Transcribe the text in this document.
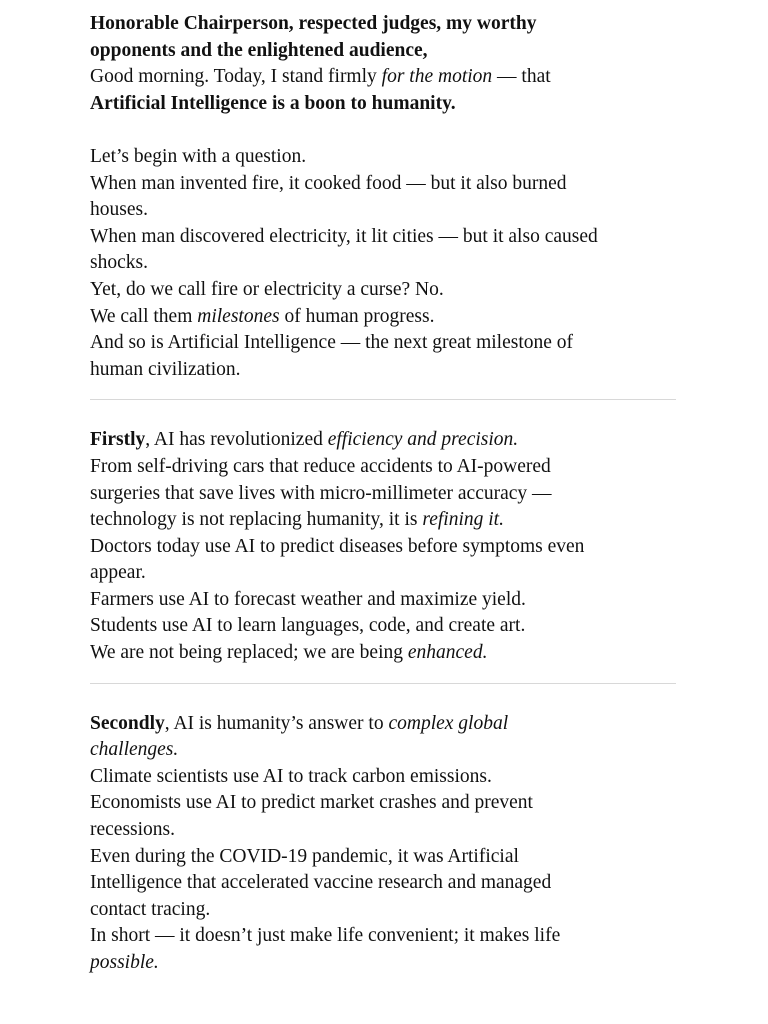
Honorable Chairperson, respected judges, my worthy

opponents and the enlightened audience,

Good morning. Today, I stand firmly for the motion — that

Artificial Intelligence is a boon to humanity.

Let’s begin with a question.

When man invented fire, it cooked food — but it also burned

houses.

When man discovered electricity, it lit cities — but it also caused

shocks.

Yet, do we call fire or electricity a curse? No.

We call them milestones of human progress.

And so is Artificial Intelligence — the next great milestone of

human civilization.

Firstly, AI has revolutionized efficiency and precision.

From self-driving cars that reduce accidents to AI-powered

surgeries that save lives with micro-millimeter accuracy —

technology is not replacing humanity, it is refining it.

Doctors today use AI to predict diseases before symptoms even

appear.

Farmers use AI to forecast weather and maximize yield.

Students use AI to learn languages, code, and create art.

We are not being replaced; we are being enhanced.

Secondly, AI is humanity’s answer to complex global

challenges.

Climate scientists use AI to track carbon emissions.

Economists use AI to predict market crashes and prevent

recessions.

Even during the COVID-19 pandemic, it was Artificial

Intelligence that accelerated vaccine research and managed

contact tracing.

In short — it doesn’t just make life convenient; it makes life

possible.
